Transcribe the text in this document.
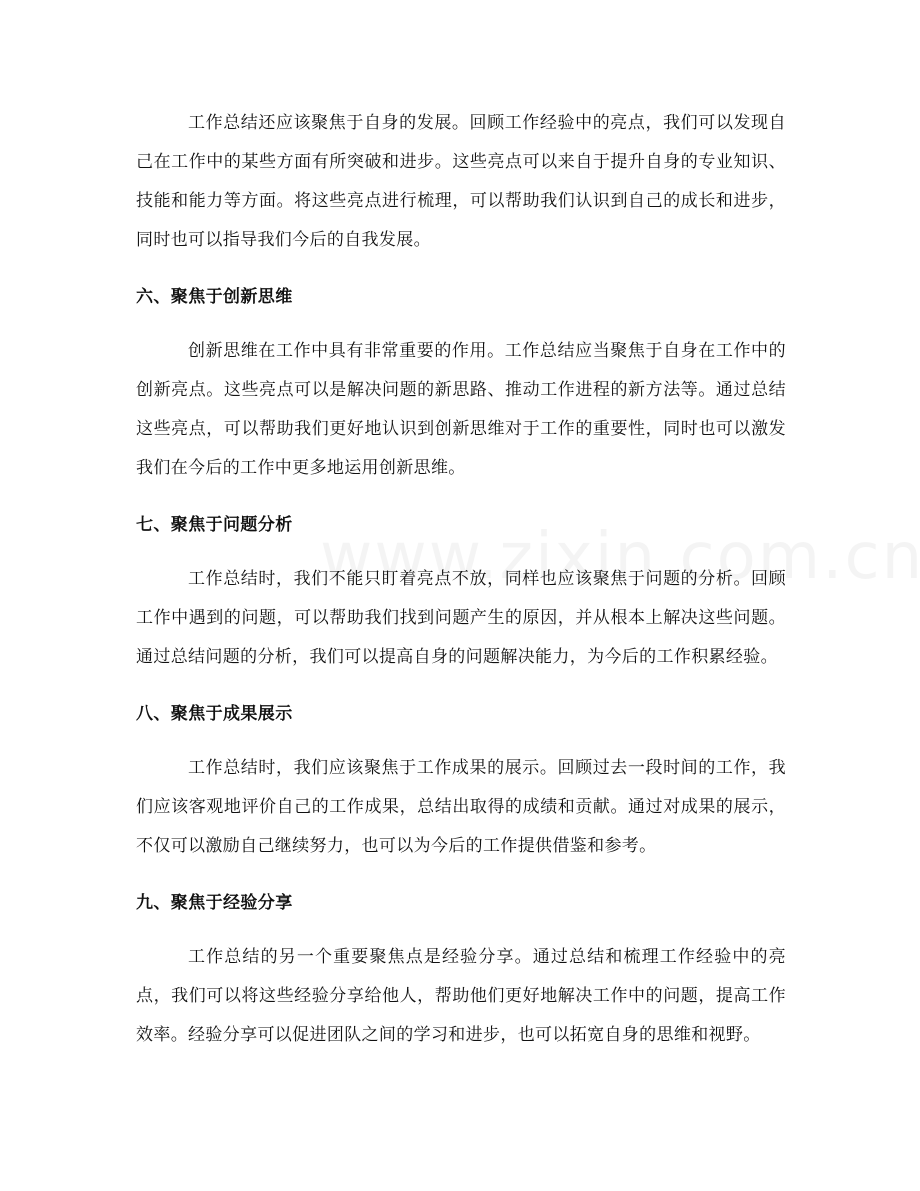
工作总结还应该聚焦于自身的发展。回顾工作经验中的亮点，我们可以发现自己在工作中的某些方面有所突破和进步。这些亮点可以来自于提升自身的专业知识、技能和能力等方面。将这些亮点进行梳理，可以帮助我们认识到自己的成长和进步，同时也可以指导我们今后的自我发展。

六、聚焦于创新思维

创新思维在工作中具有非常重要的作用。工作总结应当聚焦于自身在工作中的创新亮点。这些亮点可以是解决问题的新思路、推动工作进程的新方法等。通过总结这些亮点，可以帮助我们更好地认识到创新思维对于工作的重要性，同时也可以激发我们在今后的工作中更多地运用创新思维。

七、聚焦于问题分析

工作总结时，我们不能只盯着亮点不放，同样也应该聚焦于问题的分析。回顾工作中遇到的问题，可以帮助我们找到问题产生的原因，并从根本上解决这些问题。通过总结问题的分析，我们可以提高自身的问题解决能力，为今后的工作积累经验。

八、聚焦于成果展示

工作总结时，我们应该聚焦于工作成果的展示。回顾过去一段时间的工作，我们应该客观地评价自己的工作成果，总结出取得的成绩和贡献。通过对成果的展示，不仅可以激励自己继续努力，也可以为今后的工作提供借鉴和参考。

九、聚焦于经验分享

工作总结的另一个重要聚焦点是经验分享。通过总结和梳理工作经验中的亮点，我们可以将这些经验分享给他人，帮助他们更好地解决工作中的问题，提高工作效率。经验分享可以促进团队之间的学习和进步，也可以拓宽自身的思维和视野。
